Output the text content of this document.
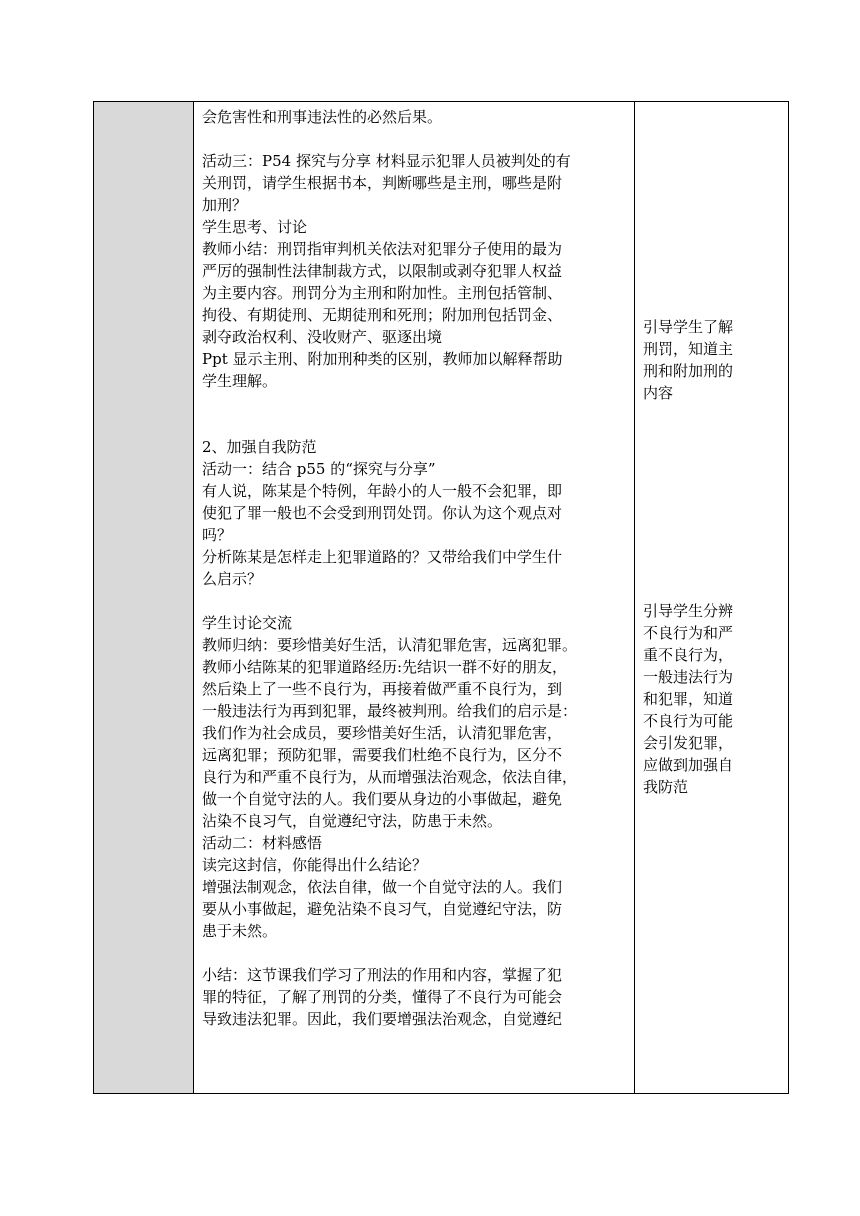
会危害性和刑事违法性的必然后果。
活动三：P54 探究与分享 材料显示犯罪人员被判处的有
关刑罚，请学生根据书本，判断哪些是主刑，哪些是附
加刑？
学生思考、讨论
教师小结：刑罚指审判机关依法对犯罪分子使用的最为
严厉的强制性法律制裁方式，以限制或剥夺犯罪人权益
为主要内容。刑罚分为主刑和附加性。主刑包括管制、
拘役、有期徒刑、无期徒刑和死刑；附加刑包括罚金、
剥夺政治权利、没收财产、驱逐出境
Ppt 显示主刑、附加刑种类的区别，教师加以解释帮助
学生理解。
2、加强自我防范
活动一：结合 p55 的“探究与分享”
有人说，陈某是个特例，年龄小的人一般不会犯罪，即
使犯了罪一般也不会受到刑罚处罚。你认为这个观点对
吗？
分析陈某是怎样走上犯罪道路的？又带给我们中学生什
么启示？
学生讨论交流
教师归纳：要珍惜美好生活，认清犯罪危害，远离犯罪。
教师小结陈某的犯罪道路经历:先结识一群不好的朋友，
然后染上了一些不良行为，再接着做严重不良行为，到
一般违法行为再到犯罪，最终被判刑。给我们的启示是：
我们作为社会成员，要珍惜美好生活，认清犯罪危害，
远离犯罪；预防犯罪，需要我们杜绝不良行为，区分不
良行为和严重不良行为，从而增强法治观念，依法自律，
做一个自觉守法的人。我们要从身边的小事做起，避免
沾染不良习气，自觉遵纪守法，防患于未然。
活动二：材料感悟
读完这封信，你能得出什么结论？
增强法制观念，依法自律，做一个自觉守法的人。我们
要从小事做起，避免沾染不良习气，自觉遵纪守法，防
患于未然。
小结：这节课我们学习了刑法的作用和内容，掌握了犯
罪的特征，了解了刑罚的分类，懂得了不良行为可能会
导致违法犯罪。因此，我们要增强法治观念，自觉遵纪
引导学生了解
刑罚，知道主
刑和附加刑的
内容
引导学生分辨
不良行为和严
重不良行为，
一般违法行为
和犯罪，知道
不良行为可能
会引发犯罪，
应做到加强自
我防范
